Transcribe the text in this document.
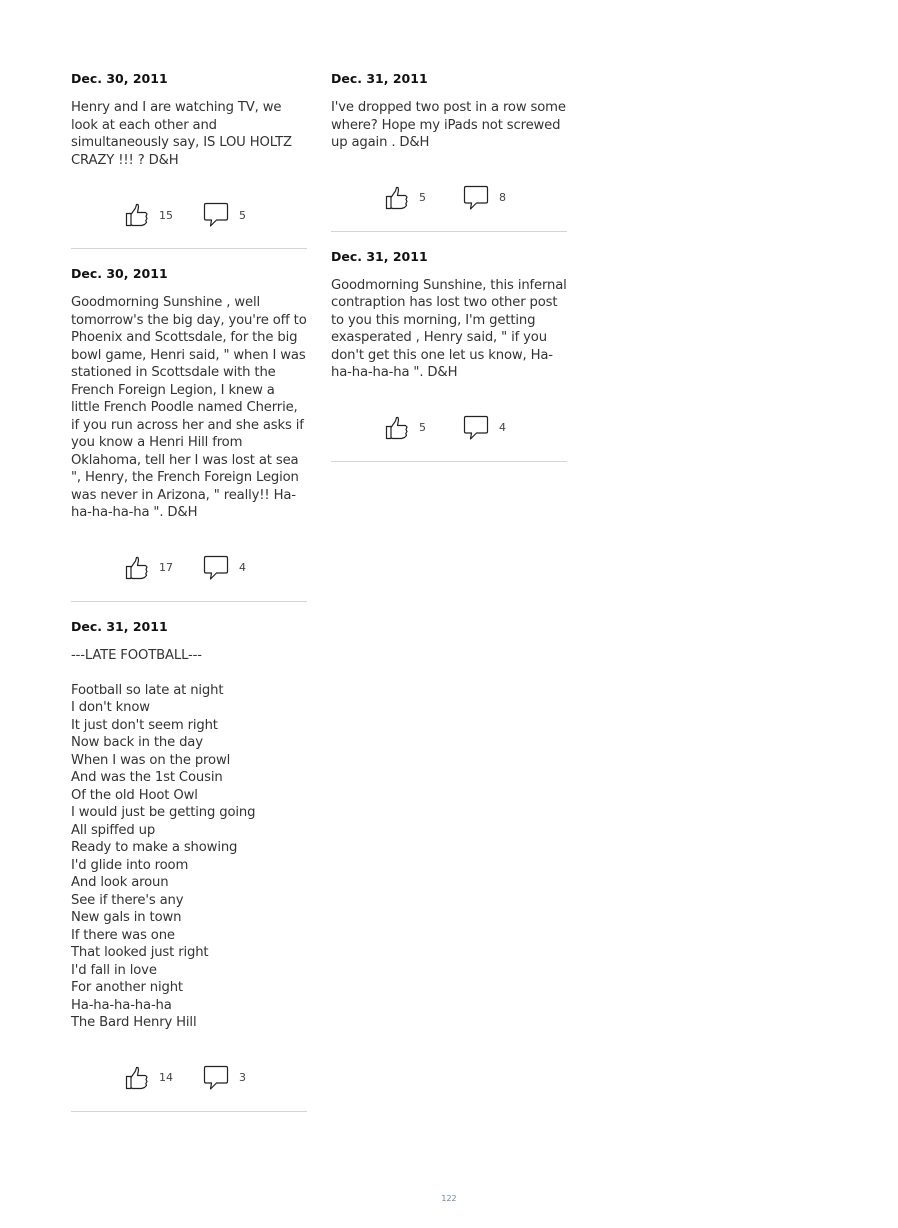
Dec. 30, 2011
Henry and I are watching TV, we look at each other and simultaneously say, IS LOU HOLTZ CRAZY !!! ? D&H
15	5
Dec. 30, 2011
Goodmorning Sunshine , well tomorrow's the big day, you're off to Phoenix and Scottsdale, for the big bowl game, Henri said, " when I was stationed in Scottsdale with the French Foreign Legion, I knew a little French Poodle named Cherrie, if you run across her and she asks if you know a Henri Hill from Oklahoma, tell her I was lost at sea ", Henry, the French Foreign Legion was never in Arizona, " really!! Ha-ha-ha-ha-ha ". D&H
17	4
Dec. 31, 2011
---LATE FOOTBALL---

Football so late at night
I don't know
It just don't seem right
Now back in the day
When I was on the prowl
And was the 1st Cousin
Of the old Hoot Owl
I would just be getting going
All spiffed up
Ready to make a showing
I'd glide into room
And look aroun
See if there's any
New gals in town
If there was one
That looked just right
I'd fall in love
For another night
Ha-ha-ha-ha-ha
The Bard Henry Hill
14	3
Dec. 31, 2011
I've dropped two post in a row some where? Hope my iPads not screwed up again . D&H
5	8
Dec. 31, 2011
Goodmorning Sunshine, this infernal contraption has lost two other post to you this morning, I'm getting exasperated , Henry said, " if you don't get this one let us know, Ha-ha-ha-ha-ha ". D&H
5	4
122
